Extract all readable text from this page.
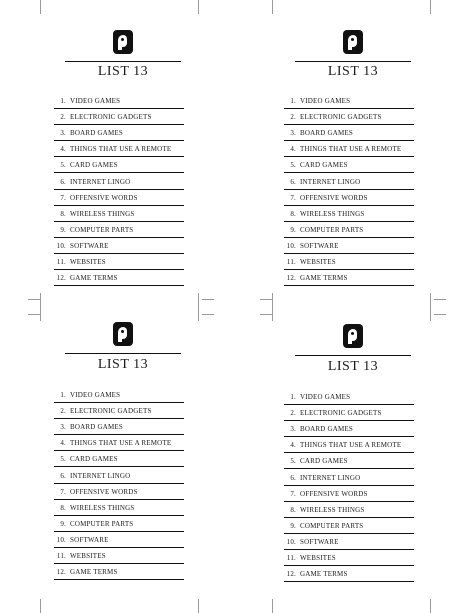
LIST 13
1. VIDEO GAMES
2. ELECTRONIC GADGETS
3. BOARD GAMES
4. THINGS THAT USE A REMOTE
5. CARD GAMES
6. INTERNET LINGO
7. OFFENSIVE WORDS
8. WIRELESS THINGS
9. COMPUTER PARTS
10. SOFTWARE
11. WEBSITES
12. GAME TERMS
LIST 13
1. VIDEO GAMES
2. ELECTRONIC GADGETS
3. BOARD GAMES
4. THINGS THAT USE A REMOTE
5. CARD GAMES
6. INTERNET LINGO
7. OFFENSIVE WORDS
8. WIRELESS THINGS
9. COMPUTER PARTS
10. SOFTWARE
11. WEBSITES
12. GAME TERMS
LIST 13
1. VIDEO GAMES
2. ELECTRONIC GADGETS
3. BOARD GAMES
4. THINGS THAT USE A REMOTE
5. CARD GAMES
6. INTERNET LINGO
7. OFFENSIVE WORDS
8. WIRELESS THINGS
9. COMPUTER PARTS
10. SOFTWARE
11. WEBSITES
12. GAME TERMS
LIST 13
1. VIDEO GAMES
2. ELECTRONIC GADGETS
3. BOARD GAMES
4. THINGS THAT USE A REMOTE
5. CARD GAMES
6. INTERNET LINGO
7. OFFENSIVE WORDS
8. WIRELESS THINGS
9. COMPUTER PARTS
10. SOFTWARE
11. WEBSITES
12. GAME TERMS
